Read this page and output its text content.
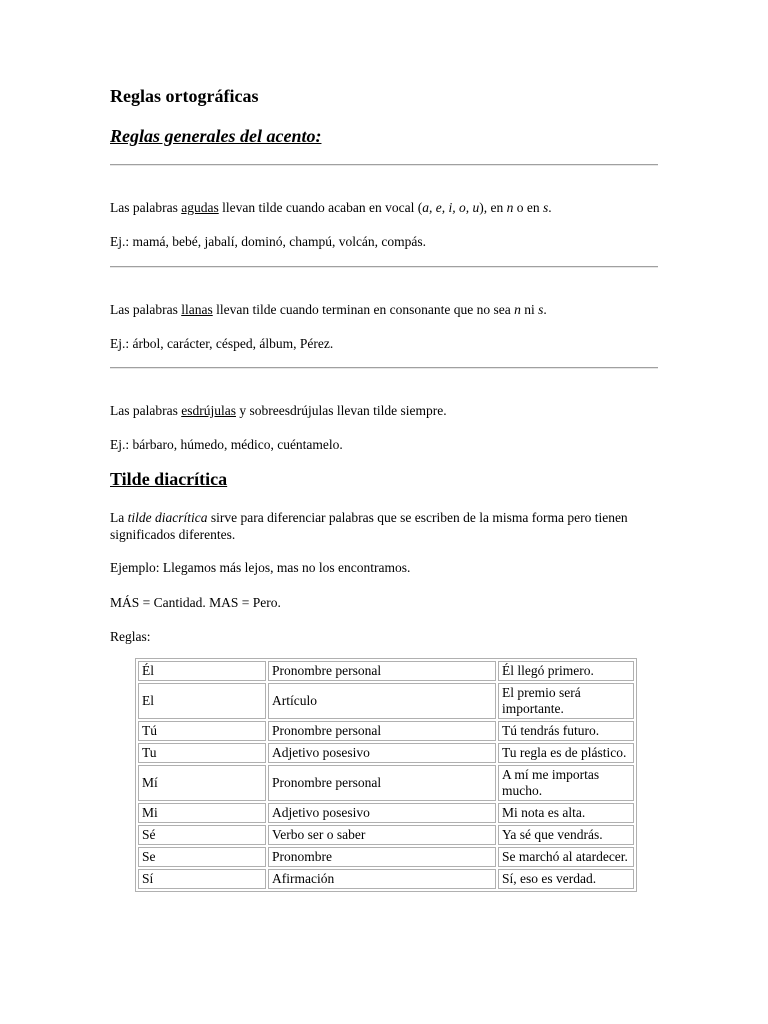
Reglas ortográficas
Reglas generales del acento:

Las palabras agudas llevan tilde cuando acaban en vocal (a, e, i, o, u), en n o en s.

Ej.: mamá, bebé, jabalí, dominó, champú, volcán, compás.

Las palabras llanas llevan tilde cuando terminan en consonante que no sea n ni s.

Ej.: árbol, carácter, césped, álbum, Pérez.

Las palabras esdrújulas y sobreesdrújulas llevan tilde siempre.

Ej.: bárbaro, húmedo, médico, cuéntamelo.

Tilde diacrítica

La tilde diacrítica sirve para diferenciar palabras que se escriben de la misma forma pero tienen significados diferentes.

Ejemplo: Llegamos más lejos, mas no los encontramos.

MÁS = Cantidad. MAS = Pero.

Reglas:

Él	Pronombre personal	Él llegó primero.
El	Artículo	El premio será importante.
Tú	Pronombre personal	Tú tendrás futuro.
Tu	Adjetivo posesivo	Tu regla es de plástico.
Mí	Pronombre personal	A mí me importas mucho.
Mi	Adjetivo posesivo	Mi nota es alta.
Sé	Verbo ser o saber	Ya sé que vendrás.
Se	Pronombre	Se marchó al atardecer.
Sí	Afirmación	Sí, eso es verdad.
